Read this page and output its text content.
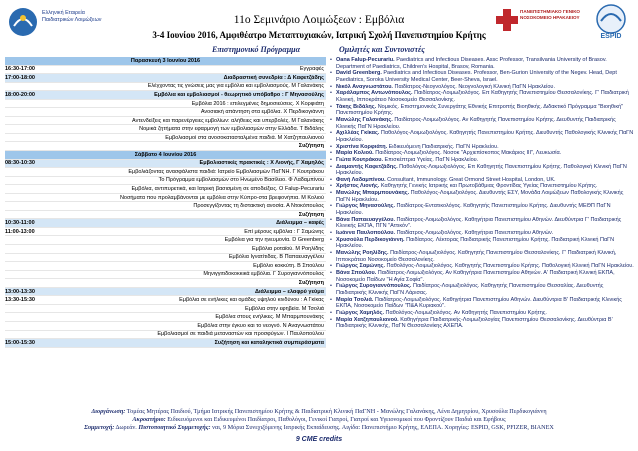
Ελληνική Εταιρεία Παιδιατρικών Λοιμώξεων
ΠΑΝΕΠΙΣΤΗΜΙΑΚΟ ΓΕΝΙΚΟ ΝΟΣΟΚΟΜΕΙΟ ΗΡΑΚΛΕΙΟΥ
ESPID
11ο Σεμινάριο Λοιμώξεων : Εμβόλια
3-4 Ιουνίου 2016, Αμφιθέατρο Μεταπτυχιακών, Ιατρική Σχολή Πανεπιστημίου Κρήτης
Επιστημονικό Πρόγραμμα	Ομιλητές και Συντονιστές
Παρασκευή 3 Ιουνίου 2016
16:30-17:00	Εγγραφές
17:00-18:00	Διαδραστική συνεδρία : Δ Καφετζάδης
Ελέγχοντας τις γνώσεις μας για εμβόλια και εμβολιασμούς. Μ Γαλανάκης
18:00-20:00	Εμβόλια και εμβολιασμοί - θεωρητικό υπόβαθρο : Γ Μηνασούλης
Εμβόλια 2016 : επιλεγμένες δημοσιεύσεις. Χ Κορφιάτη
Ανοσιακή απάντηση στα εμβόλια. Χ Περδικογιάννη
Αντενδείξεις και παρενέργειες εμβολίων: αλήθειες και υπερβολές. Μ Γαλανάκης
Νομικά ζητήματα στην εφαρμογή των εμβολιασμών στην Ελλάδα. Τ Βιδάλης
Εμβολιασμοί στα ανοσοκατασταλμένα παιδιά. Μ Χατζηπαυλιανού
Συζήτηση
Σάββατο 4 Ιουνίου 2016
08:30-10:30	Εμβολιαστικές πρακτικές : Χ Λιονής, Γ Χαμηλός
Εμβολιάζοντας ανασφάλιστα παιδιά: Ιατρείο Εμβολιασμών ΠαΓΝΗ. Γ Κουτράκου
Το Πρόγραμμα εμβολιασμών στο Ηνωμένο Βασίλειο. Φ Λαδαμπίνου
Εμβόλια, αντιπυρετικά, και Ιατρική βασισμένη σε αποδείξεις. Ο Falup-Pecurariu
Νοσήματα που προλαμβάνονται με εμβόλια στην Κύπρο-στα βρεφονήπια. Μ Κολιού
Προσεγγίζοντας τη διστακτική ανοσία. Α Ντοκόπουλος
Συζήτηση
10:30-11:00	Διάλειμμα – καφές
11:00-13:00	Επί μέρους εμβόλια : Γ Σαμώνης
Εμβόλια για την ηνευμονία. D Greenberg
Εμβόλια ροταϊού. Μ Ροηλίδης
Εμβόλια Ιγνατίτιδας. Β Παπαευαγγέλου
Εμβόλιο κοκκύτη. Β Σπούλου
Μηνιγγιτιδοκοκκικά εμβόλια. Γ Συρογιαννόπουλος
Συζήτηση
13:00-13:30	Διάλειμμα – ελαφρύ γεύμα
13:30-15:30	Εμβόλια σε ενήλικες και ομάδες υψηλού κινδύνου : Α Γκίκας
Εμβόλια στην εφηβεία. Μ Τσολιά
Εμβόλια στους ενήλικες. Μ Μπαρμπουνάκης
Εμβόλια στην έγκυο και το νεογνό. Ν Αναγνωστάτου
Εμβολιασμοί σε παιδιά μεταναστών και προσφύγων. Ι Παυλοπούλου
15:00-15:30	Συζήτηση και καταληκτικά συμπεράσματα
• Oana Falup-Pecurariu. Paediatrics and Infectious Diseases. Assc Professor, Transilvania University of Brasov. Department of Paediatrics, Children's Hospital, Brasov, Romania.
• David Greenberg. Paediatrics and Infectious Diseases. Professor, Ben-Gurion University of the Negev. Head, Dept Paediatrics, Soroka University Medical Center, Beer-Sheva, Israel.
• Νικόλ Αναγνωστάτου. Παιδίατρος-Νεογνολόγος. Νεογνολογική Κλινική ΠαΓΝ Ηρακλείου.
• Χαράλαμπος Αντωνόπουλος. Παιδίατρος-Λοιμωξιολόγος. Επ Καθηγητής Πανεπιστημίου Θεσσαλονίκης. Γ' Παιδιατρική Κλινική, Ιπποκράτειο Νοσοκομείο Θεσσαλονίκης.
• Τάκης Βιδάλης. Νομικός. Επιστημονικός Συνεργάτης Εθνικής Επιτροπής Βιοηθικής. Διδακτικό Πρόγραμμα "Βιοηθική" Πανεπιστημίου Κρήτης.
• Μανώλης Γαλανάκης. Παιδίατρος-Λοιμωξιολόγος. Αν Καθηγητής Πανεπιστημίου Κρήτης. Διευθυντής Παιδιατρικής Κλινικής ΠαΓΝ Ηρακλείου.
• Αχιλλέας Γκίκας. Παθολόγος-Λοιμωξιολόγος. Καθηγητής Πανεπιστημίου Κρήτης. Διευθυντής Παθολογικής Κλινικής ΠαΓΝ Ηρακλείου.
• Χριστίνα Κορφιάτη. Ειδικευόμενη Παιδιατρικής. ΠαΓΝ Ηρακλείου.
• Μαρία Κολιού. Παιδίατρος-Λοιμωξιολόγος. Νοσοκ "Αρχιεπίσκοπος Μακάριος ΙΙΙ", Λευκωσία.
• Γιώτα Κουτράκου. Επισκέπτρια Υγείας. ΠαΓΝ Ηρακλείου.
• Διαμαντής Καφετζάδης. Παθολόγος-Λοιμωξιολόγος. Επ Καθηγητής Πανεπιστημίου Κρήτης. Παθολογική Κλινική ΠαΓΝ Ηρακλείου.
• Φανή Λαδαμπίνου. Consultant, Immunology. Great Ormond Street Hospital, London, UK.
• Χρήστος Λιονής. Καθηγητής Γενικής Ιατρικής και Πρωτοβάθμιας Φροντίδας Υγείας Πανεπιστημίου Κρήτης.
• Μανώλης Μπαρμπουνάκης. Παθολόγος-Λοιμωξιολόγος. Διευθυντής ΕΣΥ, Μονάδα Λοιμώξεων Παθολογικής Κλινικής ΠαΓΝ Ηρακλείου.
• Γιώργος Μηνασούλης. Παιδίατρος-Εντατικολόγος. Καθηγητής Πανεπιστημίου Κρήτης. Διευθυντής ΜΕΘΠ ΠαΓΝ Ηρακλείου.
• Βάνα Παπαευαγγέλου. Παιδίατρος-Λοιμωξιολόγος. Καθηγήτρια Πανεπιστημίου Αθηνών. Διευθύντρια Γ' Παιδιατρικής Κλινικής ΕΚΠΑ, ΠΓΝ "Αττικόν".
• Ιωάννα Παυλοπούλου. Παιδίατρος-Λοιμωξιολόγος. Καθηγήτρια Πανεπιστημίου Αθηνών.
• Χρυσούλα Περδικογιάννη. Παιδίατρος. Λέκτορας Παιδιατρικής Πανεπιστημίου Κρήτης. Παιδιατρική Κλινική ΠαΓΝ Ηρακλείου.
• Μανώλης Ροηλίδης. Παιδίατρος-Λοιμωξιολόγος. Καθηγητής Πανεπιστημίου Θεσσαλονίκης. Γ' Παιδιατρική Κλινική, Ιπποκράτειο Νοσοκομείο Θεσσαλονίκης.
• Γιώργος Σαμώνης. Παθολόγος-Λοιμωξιολόγος. Καθηγητής Πανεπιστημίου Κρήτης. Παθολογική Κλινική ΠαΓΝ Ηρακλείου.
• Βάνα Σπούλου. Παιδίατρος-Λοιμωξιολόγος. Αν Καθηγήτρια Πανεπιστημίου Αθηνών. Α' Παιδιατρική Κλινική ΕΚΠΑ, Νοσοκομείο Παίδων "Η Αγία Σοφία".
• Γιώργος Συρογιαννόπουλος. Παιδίατρος-Λοιμωξιολόγος. Καθηγητής Πανεπιστημίου Θεσσαλίας. Διευθυντής Παιδιατρικής Κλινικής ΠαΓΝ Λάρισας.
• Μαρία Τσολιά. Παιδίατρος-Λοιμωξιολόγος. Καθηγήτρια Πανεπιστημίου Αθηνών. Διευθύντρια Β' Παιδιατρικής Κλινικής ΕΚΠΑ, Νοσοκομείο Παίδων "Π&Α Κυριακού".
• Γιώργος Χαμηλός. Παθολόγος-Λοιμωξιολόγος. Αν Καθηγητής Πανεπιστημίου Κρήτης.
• Μαρία Χατζηπαυλιανού. Καθηγήτρια Παιδιατρικής-Λοιμωξιολογίας Πανεπιστημίου Θεσσαλονίκης. Διευθύντρια Β' Παιδιατρικής Κλινικής, ΠαΓΝ Θεσσαλονίκης ΑΧΕΠΑ.
Διοργάνωση: Τομέας Μητέρας Παιδιού, Τμήμα Ιατρικής Πανεπιστημίου Κρήτης & Παιδιατρική Κλινική ΠαΓΝΗ - Μανώλης Γαλανάκης, Λένα Δημητρίου, Χρυσούλα Περδικογιάννη
Ακροατήριο: Ειδικευόμενοι και Ειδικευμένοι Παιδίατροι, Παθολόγοι, Γενικοί Γιατροί, Γιατροί και Υγειονομικοί που Φροντίζουν Παιδιά και Εφήβους
Συμμετοχή: Δωρεάν. Πιστοποιητικό Συμμετοχής: ναι, 9 Μόρια Συνεχιζόμενης Ιατρικής Εκπαίδευσης. Αιγίδα: Πανεπιστήμιο Κρήτης, ΕΛΕΠΑ. Χορηγίες: ESPID, GSK, PFIZER, BIANEX
9 CME credits
